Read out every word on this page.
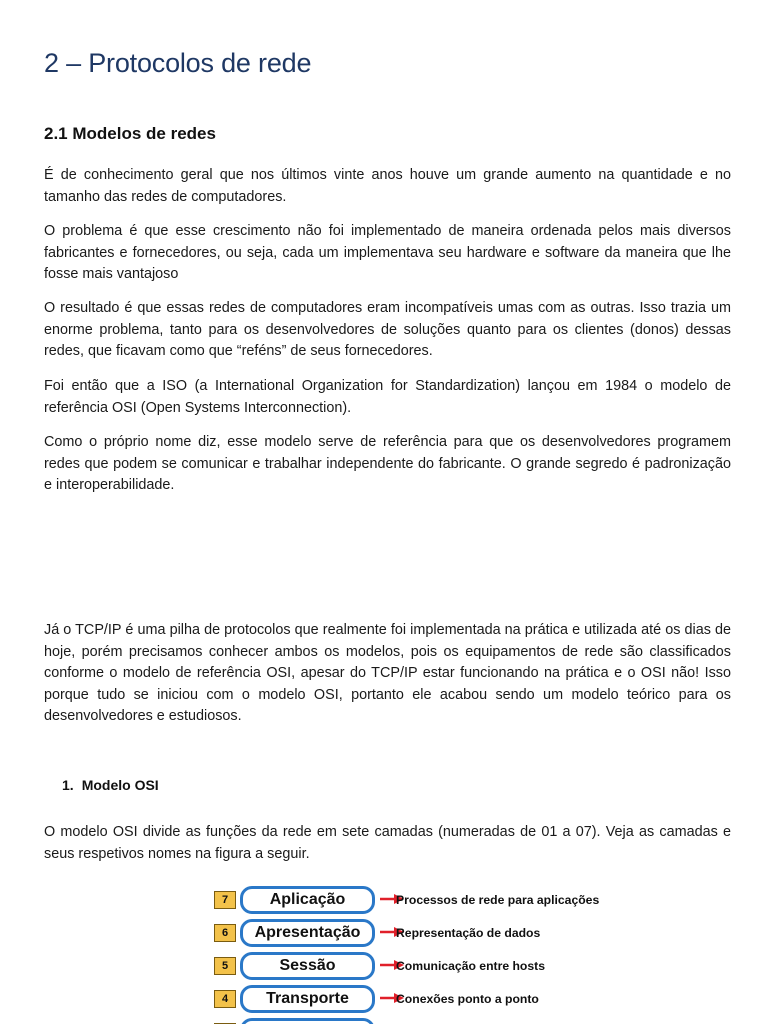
2 – Protocolos de rede
2.1 Modelos de redes

É de conhecimento geral que nos últimos vinte anos houve um grande aumento na quantidade e no tamanho das redes de computadores.

O problema é que esse crescimento não foi implementado de maneira ordenada pelos mais diversos fabricantes e fornecedores, ou seja, cada um implementava seu hardware e software da maneira que lhe fosse mais vantajoso

O resultado é que essas redes de computadores eram incompatíveis umas com as outras. Isso trazia um enorme problema, tanto para os desenvolvedores de soluções quanto para os clientes (donos) dessas redes, que ficavam como que “reféns” de seus fornecedores.

Foi então que a ISO (a International Organization for Standardization) lançou em 1984 o modelo de referência OSI (Open Systems Interconnection).

Como o próprio nome diz, esse modelo serve de referência para que os desenvolvedores programem redes que podem se comunicar e trabalhar independente do fabricante. O grande segredo é padronização e interoperabilidade.

Já o TCP/IP é uma pilha de protocolos que realmente foi implementada na prática e utilizada até os dias de hoje, porém precisamos conhecer ambos os modelos, pois os equipamentos de rede são classificados conforme o modelo de referência OSI, apesar do TCP/IP estar funcionando na prática e o OSI não! Isso porque tudo se iniciou com o modelo OSI, portanto ele acabou sendo um modelo teórico para os desenvolvedores e estudiosos.

1. Modelo OSI

O modelo OSI divide as funções da rede em sete camadas (numeradas de 01 a 07). Veja as camadas e seus respetivos nomes na figura a seguir.

7	Aplicação	Processos de rede para aplicações
6	Apresentação	Representação de dados
5	Sessão	Comunicação entre hosts
4	Transporte	Conexões ponto a ponto
